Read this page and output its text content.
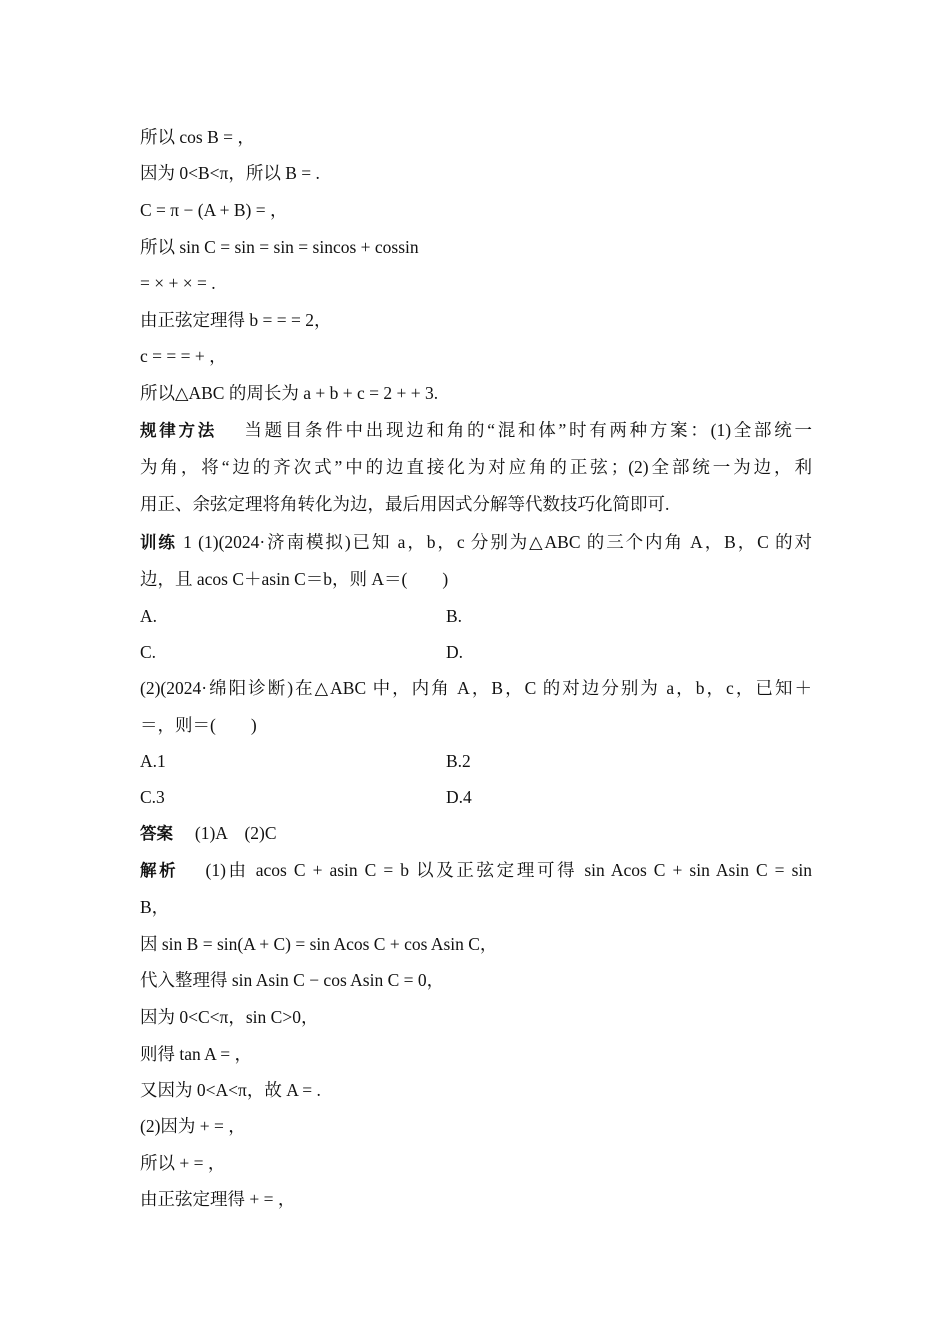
所以 cos B = ，
因为 0<B<π，所以 B = .
C = π − (A + B) = ，
所以 sin C = sin = sin = sincos + cossin
= × + × = .
由正弦定理得 b = = = 2，
c = = = + ，
所以△ABC 的周长为 a + b + c = 2 + + 3.
规律方法　 当题目条件中出现边和角的“混和体”时有两种方案：(1)全部统一
为角，将“边的齐次式”中的边直接化为对应角的正弦；(2)全部统一为边，利
用正、余弦定理将角转化为边，最后用因式分解等代数技巧化简即可.
训练 1 (1)(2024·济南模拟)已知 a，b，c 分别为△ABC 的三个内角 A，B，C 的对
边，且 acos C＋asin C＝b，则 A＝(　　)
A.	B.
C.	D.
(2)(2024·绵阳诊断)在△ABC 中，内角 A，B，C 的对边分别为 a，b，c，已知＋
＝，则＝(　　)
A.1	B.2
C.3	D.4
答案　 (1)A　(2)C
解析　 (1)由 acos C + asin C = b 以及正弦定理可得 sin Acos C + sin Asin C = sin
B，
因 sin B = sin(A + C) = sin Acos C + cos Asin C，
代入整理得 sin Asin C − cos Asin C = 0，
因为 0<C<π，sin C>0，
则得 tan A = ，
又因为 0<A<π，故 A = .
(2)因为 + = ，
所以 + = ，
由正弦定理得 + = ，
